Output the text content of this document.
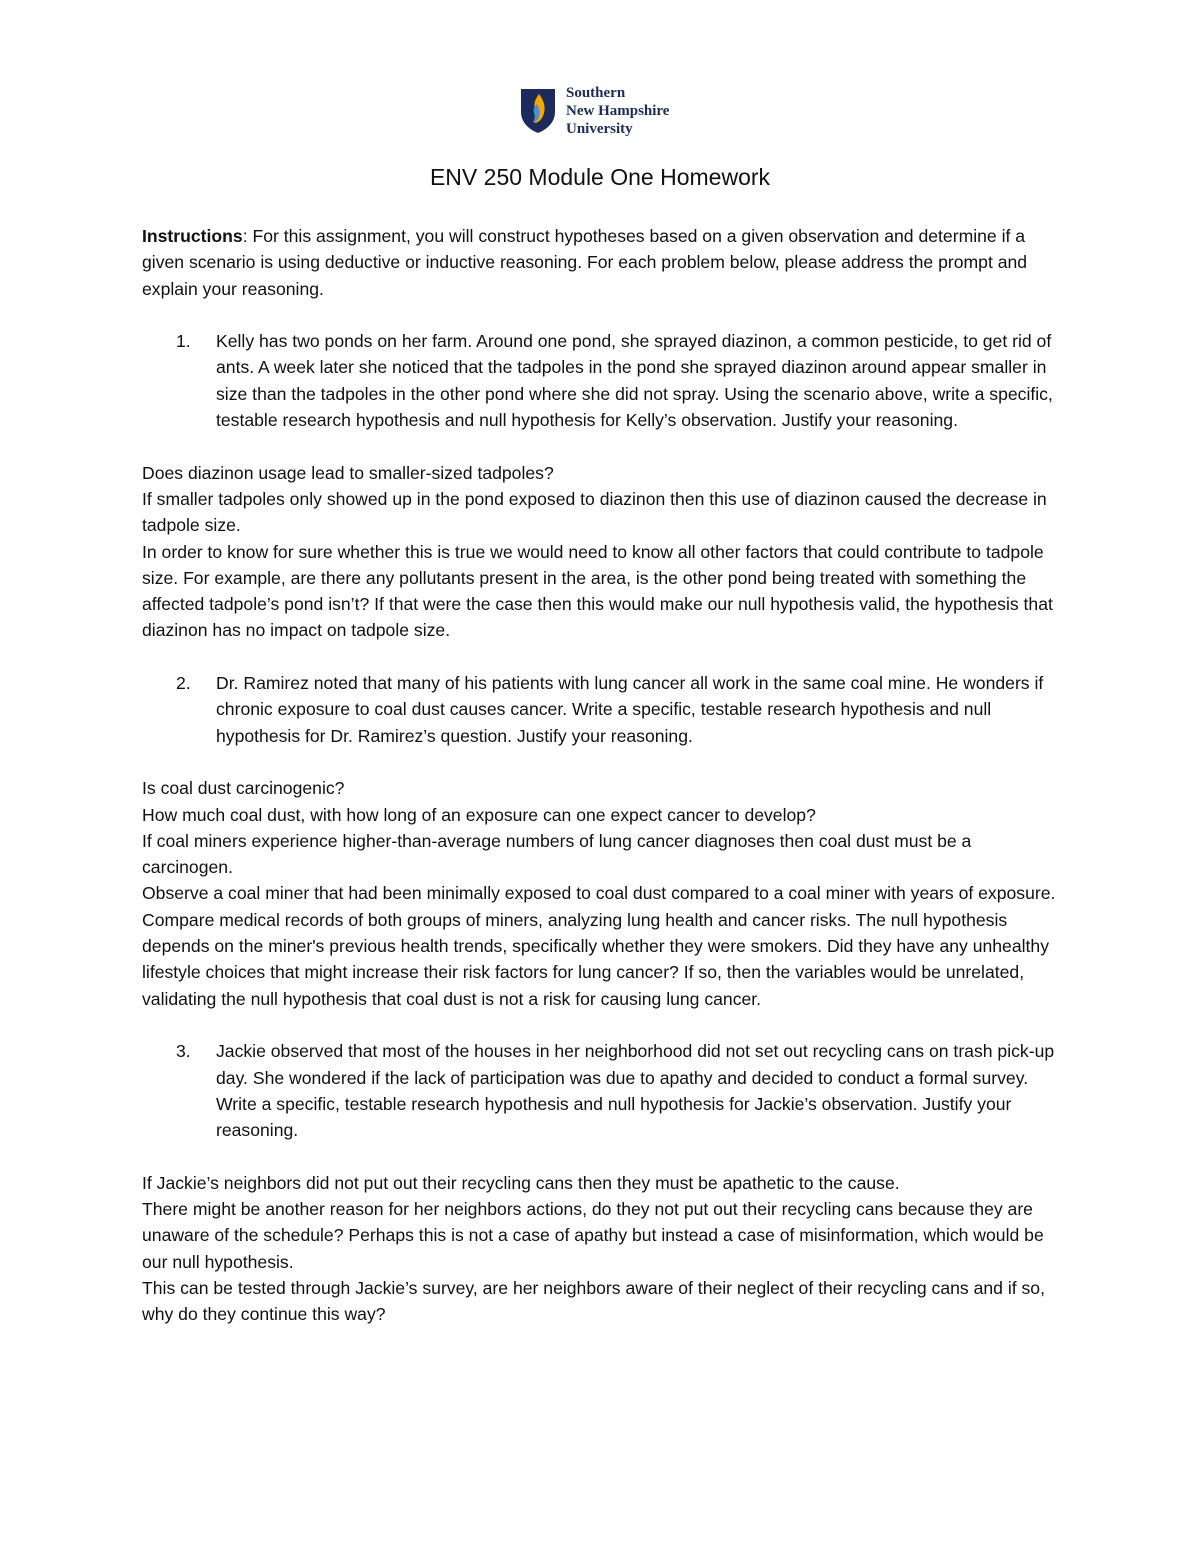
Southern
New Hampshire
University
ENV 250 Module One Homework

Instructions: For this assignment, you will construct hypotheses based on a given observation and determine if a given scenario is using deductive or inductive reasoning. For each problem below, please address the prompt and explain your reasoning.

1.	Kelly has two ponds on her farm. Around one pond, she sprayed diazinon, a common pesticide, to get rid of ants. A week later she noticed that the tadpoles in the pond she sprayed diazinon around appear smaller in size than the tadpoles in the other pond where she did not spray. Using the scenario above, write a specific, testable research hypothesis and null hypothesis for Kelly’s observation. Justify your reasoning.

Does diazinon usage lead to smaller-sized tadpoles?

If smaller tadpoles only showed up in the pond exposed to diazinon then this use of diazinon caused the decrease in tadpole size.

In order to know for sure whether this is true we would need to know all other factors that could contribute to tadpole size. For example, are there any pollutants present in the area, is the other pond being treated with something the affected tadpole’s pond isn’t? If that were the case then this would make our null hypothesis valid, the hypothesis that diazinon has no impact on tadpole size.

2.	Dr. Ramirez noted that many of his patients with lung cancer all work in the same coal mine. He wonders if chronic exposure to coal dust causes cancer. Write a specific, testable research hypothesis and null hypothesis for Dr. Ramirez’s question. Justify your reasoning.

Is coal dust carcinogenic?

How much coal dust, with how long of an exposure can one expect cancer to develop?

If coal miners experience higher-than-average numbers of lung cancer diagnoses then coal dust must be a carcinogen.

Observe a coal miner that had been minimally exposed to coal dust compared to a coal miner with years of exposure. Compare medical records of both groups of miners, analyzing lung health and cancer risks. The null hypothesis depends on the miner's previous health trends, specifically whether they were smokers. Did they have any unhealthy lifestyle choices that might increase their risk factors for lung cancer? If so, then the variables would be unrelated, validating the null hypothesis that coal dust is not a risk for causing lung cancer.

3.	Jackie observed that most of the houses in her neighborhood did not set out recycling cans on trash pick-up day. She wondered if the lack of participation was due to apathy and decided to conduct a formal survey. Write a specific, testable research hypothesis and null hypothesis for Jackie’s observation. Justify your reasoning.

If Jackie’s neighbors did not put out their recycling cans then they must be apathetic to the cause.

There might be another reason for her neighbors actions, do they not put out their recycling cans because they are unaware of the schedule? Perhaps this is not a case of apathy but instead a case of misinformation, which would be our null hypothesis.

This can be tested through Jackie’s survey, are her neighbors aware of their neglect of their recycling cans and if so, why do they continue this way?
